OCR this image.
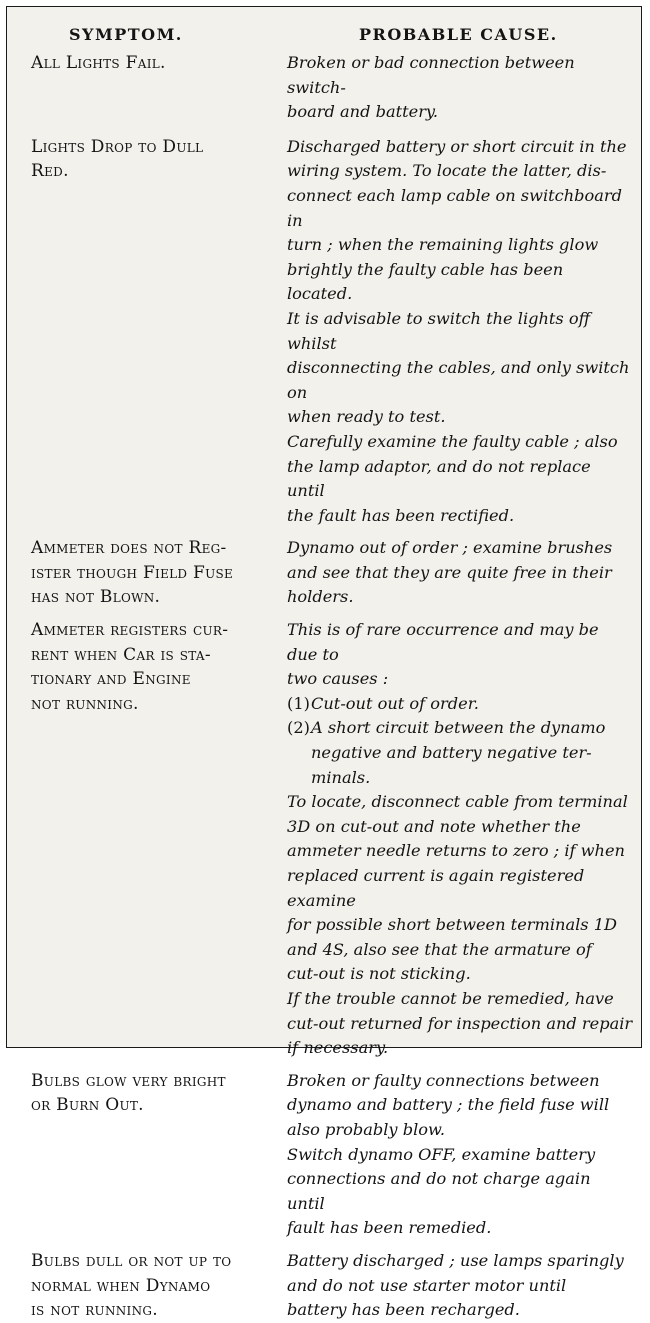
SYMPTOM.	PROBABLE CAUSE.
All Lights Fail.	Broken or bad connection between switch-
board and battery.

Lights Drop to Dull
Red.

Discharged battery or short circuit in the
wiring system. To locate the latter, dis-
connect each lamp cable on switchboard in
turn ; when the remaining lights glow
brightly the faulty cable has been located.
It is advisable to switch the lights off whilst
disconnecting the cables, and only switch on
when ready to test.

Carefully examine the faulty cable ; also
the lamp adaptor, and do not replace until
the fault has been rectified.

Ammeter does not Reg-
ister though Field Fuse
has not Blown.

Dynamo out of order ; examine brushes
and see that they are quite free in their
holders.

Ammeter registers cur-
rent when Car is sta-
tionary and Engine
not running.

This is of rare occurrence and may be due to
two causes :

(1) Cut-out out of order.
(2) A short circuit between the dynamo
negative and battery negative ter-
minals.

To locate, disconnect cable from terminal
3D on cut-out and note whether the
ammeter needle returns to zero ; if when
replaced current is again registered examine
for possible short between terminals 1D
and 4S, also see that the armature of
cut-out is not sticking.

If the trouble cannot be remedied, have
cut-out returned for inspection and repair
if necessary.

Bulbs glow very bright
or Burn Out.

Broken or faulty connections between
dynamo and battery ; the field fuse will
also probably blow.

Switch dynamo OFF, examine battery
connections and do not charge again until
fault has been remedied.

Bulbs dull or not up to
normal when Dynamo
is not running.

Battery discharged ; use lamps sparingly
and do not use starter motor until
battery has been recharged.
